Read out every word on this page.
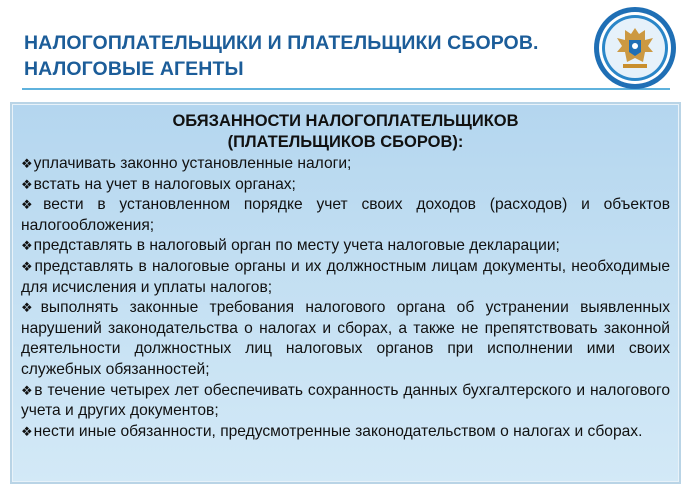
НАЛОГОПЛАТЕЛЬЩИКИ И ПЛАТЕЛЬЩИКИ СБОРОВ.
НАЛОГОВЫЕ АГЕНТЫ
ОБЯЗАННОСТИ НАЛОГОПЛАТЕЛЬЩИКОВ
(ПЛАТЕЛЬЩИКОВ СБОРОВ):
❖уплачивать законно установленные налоги;
❖встать на учет в налоговых органах;
❖вести в установленном порядке учет своих доходов (расходов) и объектов налогообложения;
❖представлять в налоговый орган по месту учета налоговые декларации;
❖представлять в налоговые органы и их должностным лицам документы, необходимые для исчисления и уплаты налогов;
❖выполнять законные требования налогового органа об устранении выявленных нарушений законодательства о налогах и сборах, а также не препятствовать законной деятельности должностных лиц налоговых органов при исполнении ими своих служебных обязанностей;
❖в течение четырех лет обеспечивать сохранность данных бухгалтерского и налогового учета и других документов;
❖нести иные обязанности, предусмотренные законодательством о налогах и сборах.
